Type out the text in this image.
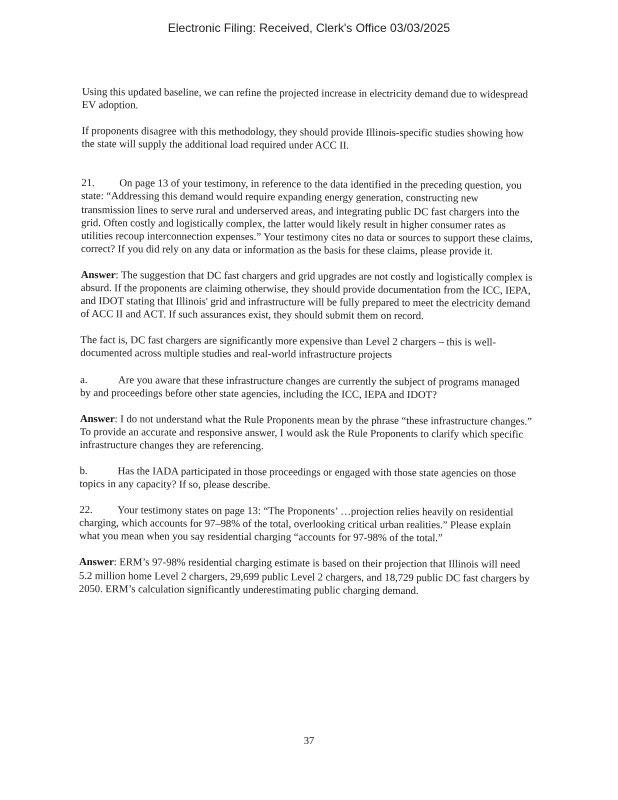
Electronic Filing: Received, Clerk's Office 03/03/2025

Using this updated baseline, we can refine the projected increase in electricity demand due to widespread EV adoption.

If proponents disagree with this methodology, they should provide Illinois-specific studies showing how the state will supply the additional load required under ACC II.

21. On page 13 of your testimony, in reference to the data identified in the preceding question, you state: “Addressing this demand would require expanding energy generation, constructing new transmission lines to serve rural and underserved areas, and integrating public DC fast chargers into the grid. Often costly and logistically complex, the latter would likely result in higher consumer rates as utilities recoup interconnection expenses.” Your testimony cites no data or sources to support these claims, correct? If you did rely on any data or information as the basis for these claims, please provide it.

Answer: The suggestion that DC fast chargers and grid upgrades are not costly and logistically complex is absurd. If the proponents are claiming otherwise, they should provide documentation from the ICC, IEPA, and IDOT stating that Illinois' grid and infrastructure will be fully prepared to meet the electricity demand of ACC II and ACT. If such assurances exist, they should submit them on record.

The fact is, DC fast chargers are significantly more expensive than Level 2 chargers – this is well-documented across multiple studies and real-world infrastructure projects

a.	Are you aware that these infrastructure changes are currently the subject of programs managed by and proceedings before other state agencies, including the ICC, IEPA and IDOT?

Answer: I do not understand what the Rule Proponents mean by the phrase “these infrastructure changes.” To provide an accurate and responsive answer, I would ask the Rule Proponents to clarify which specific infrastructure changes they are referencing.

b.	Has the IADA participated in those proceedings or engaged with those state agencies on those topics in any capacity? If so, please describe.

22. Your testimony states on page 13: “The Proponents’ …projection relies heavily on residential charging, which accounts for 97–98% of the total, overlooking critical urban realities.” Please explain what you mean when you say residential charging “accounts for 97-98% of the total.”

Answer: ERM’s 97-98% residential charging estimate is based on their projection that Illinois will need 5.2 million home Level 2 chargers, 29,699 public Level 2 chargers, and 18,729 public DC fast chargers by 2050. ERM’s calculation significantly underestimating public charging demand.

37
